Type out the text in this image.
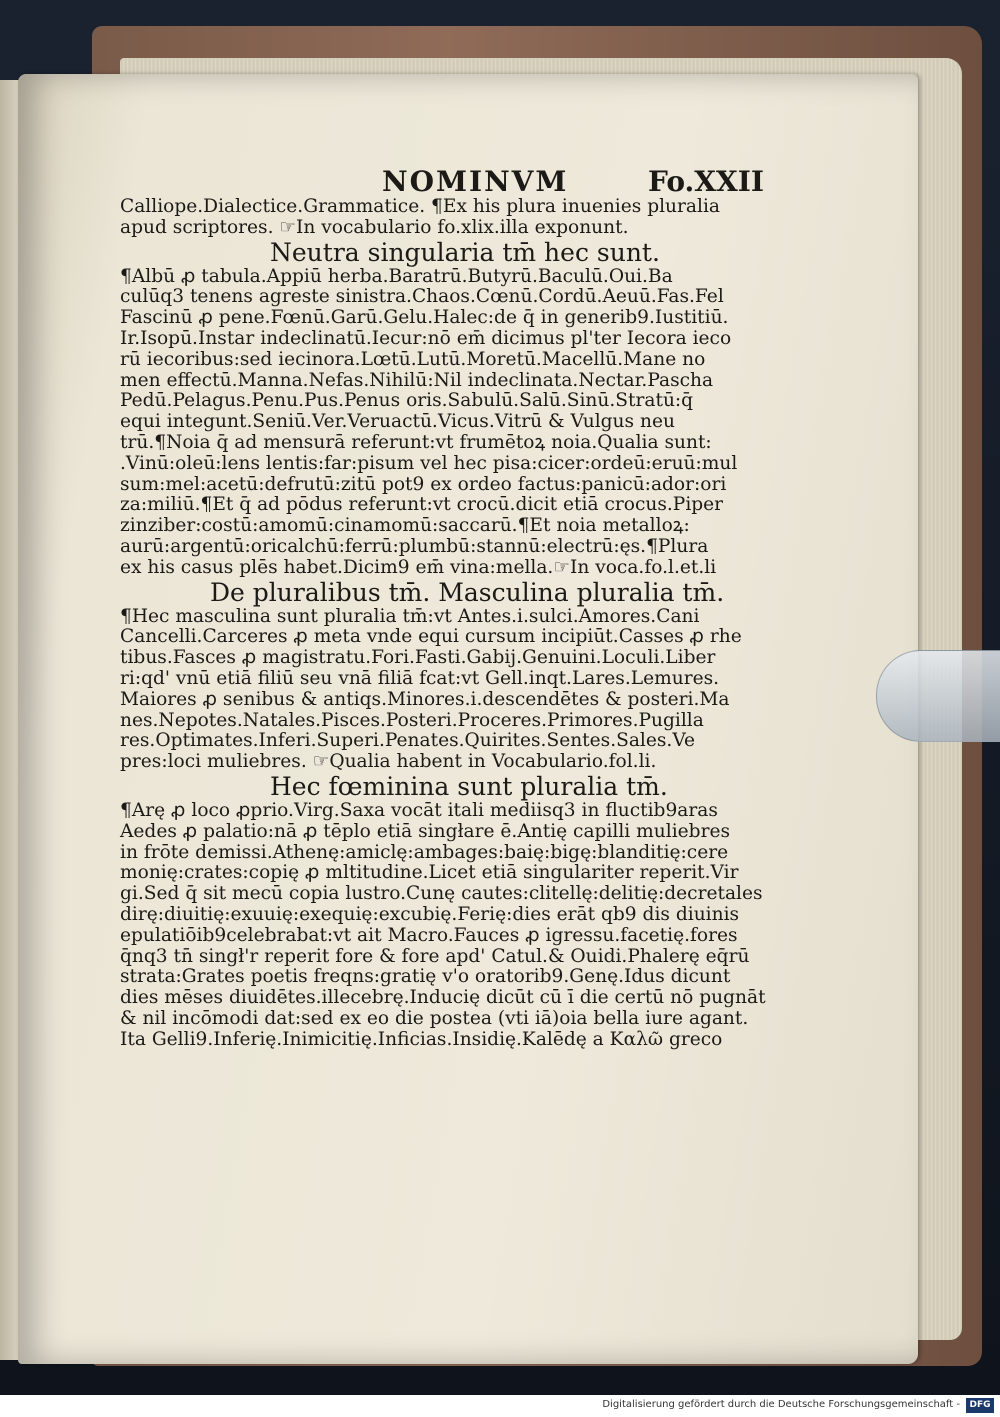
NOMINVM	Fo.XXII
Calliope.Dialectice.Grammatice. ¶Ex his plura inuenies pluralia
apud scriptores. ☞In vocabulario fo.xlix.illa exponunt.
Neutra singularia tm̄ hec sunt.
¶Albū ꝓ tabula.Appiū herba.Baratrū.Butyrū.Baculū.Oui.Ba
culūq3 tenens agreste sinistra.Chaos.Cœnū.Cordū.Aeuū.Fas.Fel
Fascinū ꝓ pene.Fœnū.Garū.Gelu.Halec:de q̄ in generib9.Iustitiū.
Ir.Isopū.Instar indeclinatū.Iecur:nō em̄ dicimus pl'ter Iecora ieco
rū iecoribus:sed iecinora.Lœtū.Lutū.Moretū.Macellū.Mane no
men effectū.Manna.Nefas.Nihilū:Nil indeclinata.Nectar.Pascha
Pedū.Pelagus.Penu.Pus.Penus oris.Sabulū.Salū.Sinū.Stratū:q̄
equi integunt.Seniū.Ver.Veruactū.Vicus.Vitrū & Vulgus neu
trū.¶Noia q̄ ad mensurā referunt:vt frumētoꝝ noia.Qualia sunt:
.Vinū:oleū:lens lentis:far:pisum vel hec pisa:cicer:ordeū:eruū:mul
sum:mel:acetū:defrutū:zitū pot9 ex ordeo factus:panicū:ador:ori
za:miliū.¶Et q̄ ad pōdus referunt:vt crocū.dicit etiā crocus.Piper
zinziber:costū:amomū:cinamomū:saccarū.¶Et noia metalloꝝ:
aurū:argentū:oricalchū:ferrū:plumbū:stannū:electrū:ęs.¶Plura
ex his casus plēs habet.Dicim9 em̄ vina:mella.☞In voca.fo.l.et.li
De pluralibus tm̄. Masculina pluralia tm̄.
¶Hec masculina sunt pluralia tm̄:vt Antes.i.sulci.Amores.Cani
Cancelli.Carceres ꝓ meta vnde equi cursum incipiūt.Casses ꝓ rhe
tibus.Fasces ꝓ magistratu.Fori.Fasti.Gabij.Genuini.Loculi.Liber
ri:qd' vnū etiā filiū seu vnā filiā fcat:vt Gell.inqt.Lares.Lemures.
Maiores ꝓ senibus & antiqs.Minores.i.descendētes & posteri.Ma
nes.Nepotes.Natales.Pisces.Posteri.Proceres.Primores.Pugilla
res.Optimates.Inferi.Superi.Penates.Quirites.Sentes.Sales.Ve
pres:loci muliebres. ☞Qualia habent in Vocabulario.fol.li.
Hec fœminina sunt pluralia tm̄.
¶Arę ꝓ loco ꝓprio.Virg.Saxa vocāt itali mediisq3 in fluctib9aras
Aedes ꝓ palatio:nā ꝓ tēplo etiā singłare ē.Antię capilli muliebres
in frōte demissi.Athenę:amiclę:ambages:baię:bigę:blanditię:cere
monię:crates:copię ꝓ mltitudine.Licet etiā singulariter reperit.Vir
gi.Sed q̄ sit mecū copia lustro.Cunę cautes:clitellę:delitię:decretales
dirę:diuitię:exuuię:exequię:excubię.Ferię:dies erāt qb9 dis diuinis
epulatiōib9celebrabat:vt ait Macro.Fauces ꝓ igressu.facetię.fores
q̄nq3 tn̄ singł'r reperit fore & fore apd' Catul.& Ouidi.Phalerę eq̄rū
strata:Grates poetis freqns:gratię v'o oratorib9.Genę.Idus dicunt
dies mēses diuidētes.illecebrę.Inducię dicūt cū ī die certū nō pugnāt
& nil incōmodi dat:sed ex eo die postea (vti iā)oia bella iure agant.
Ita Gelli9.Inferię.Inimicitię.Inficias.Insidię.Kalēdę a Καλῶ greco
Digitalisierung gefördert durch die Deutsche Forschungsgemeinschaft -	DFG
